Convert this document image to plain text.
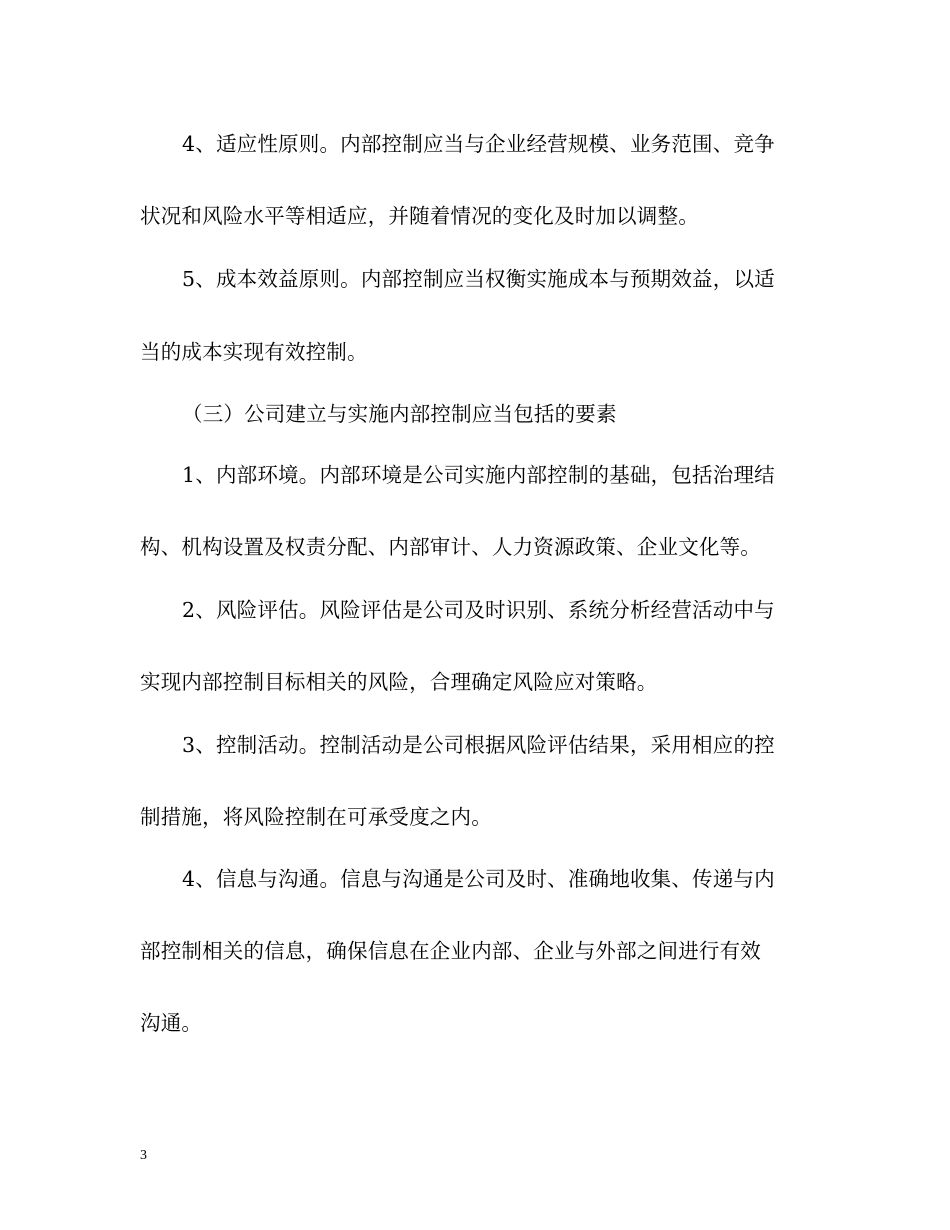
4、适应性原则。内部控制应当与企业经营规模、业务范围、竞争
状况和风险水平等相适应，并随着情况的变化及时加以调整。
5、成本效益原则。内部控制应当权衡实施成本与预期效益，以适
当的成本实现有效控制。
（三）公司建立与实施内部控制应当包括的要素
1、内部环境。内部环境是公司实施内部控制的基础，包括治理结
构、机构设置及权责分配、内部审计、人力资源政策、企业文化等。
2、风险评估。风险评估是公司及时识别、系统分析经营活动中与
实现内部控制目标相关的风险，合理确定风险应对策略。
3、控制活动。控制活动是公司根据风险评估结果，采用相应的控
制措施，将风险控制在可承受度之内。
4、信息与沟通。信息与沟通是公司及时、准确地收集、传递与内
部控制相关的信息，确保信息在企业内部、企业与外部之间进行有效
沟通。
3
